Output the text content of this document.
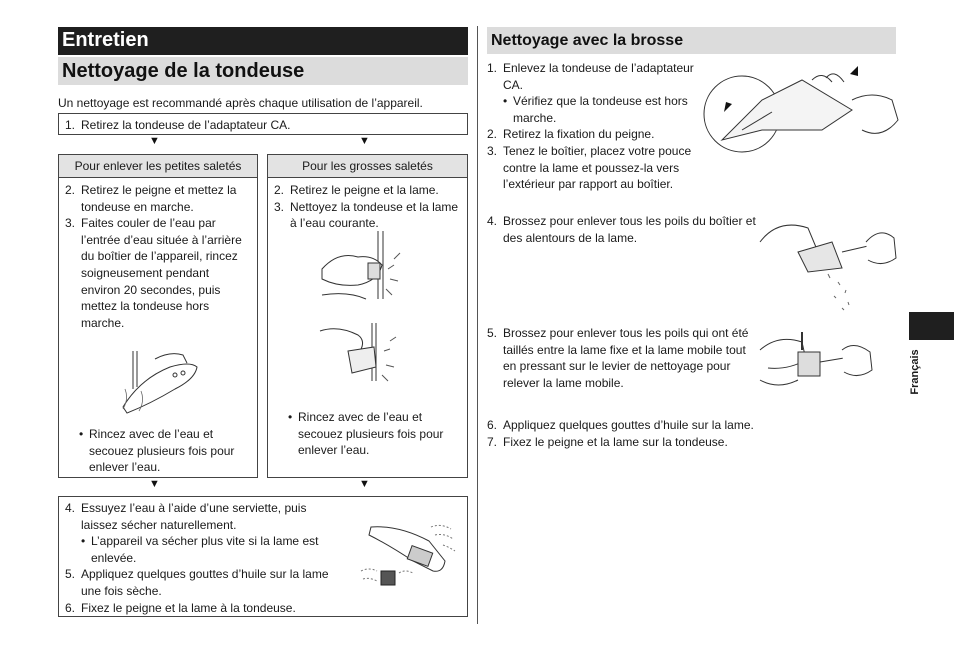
Entretien
Nettoyage de la tondeuse
Un nettoyage est recommandé après chaque utilisation de l’appareil.
1. Retirez la tondeuse de l’adaptateur CA.
▼	▼
Pour enlever les petites saletés
2. Retirez le peigne et mettez la tondeuse en marche.
3. Faites couler de l’eau par l’entrée d’eau située à l’arrière du boîtier de l’appareil, rincez soigneusement pendant environ 20 secondes, puis mettez la tondeuse hors marche.
• Rincez avec de l’eau et secouez plusieurs fois pour enlever l’eau.
Pour les grosses saletés
2. Retirez le peigne et la lame.
3. Nettoyez la tondeuse et la lame à l’eau courante.
• Rincez avec de l’eau et secouez plusieurs fois pour enlever l’eau.
▼	▼
4. Essuyez l’eau à l’aide d’une serviette, puis laissez sécher naturellement.
• L’appareil va sécher plus vite si la lame est enlevée.
5. Appliquez quelques gouttes d’huile sur la lame une fois sèche.
6. Fixez le peigne et la lame à la tondeuse.
Nettoyage avec la brosse
1. Enlevez la tondeuse de l’adaptateur CA.
• Vérifiez que la tondeuse est hors marche.
2. Retirez la fixation du peigne.
3. Tenez le boîtier, placez votre pouce contre la lame et poussez-la vers l’extérieur par rapport au boîtier.
4. Brossez pour enlever tous les poils du boîtier et des alentours de la lame.
5. Brossez pour enlever tous les poils qui ont été taillés entre la lame fixe et la lame mobile tout en pressant sur le levier de nettoyage pour relever la lame mobile.
6. Appliquez quelques gouttes d’huile sur la lame.
7. Fixez le peigne et la lame sur la tondeuse.
Français
